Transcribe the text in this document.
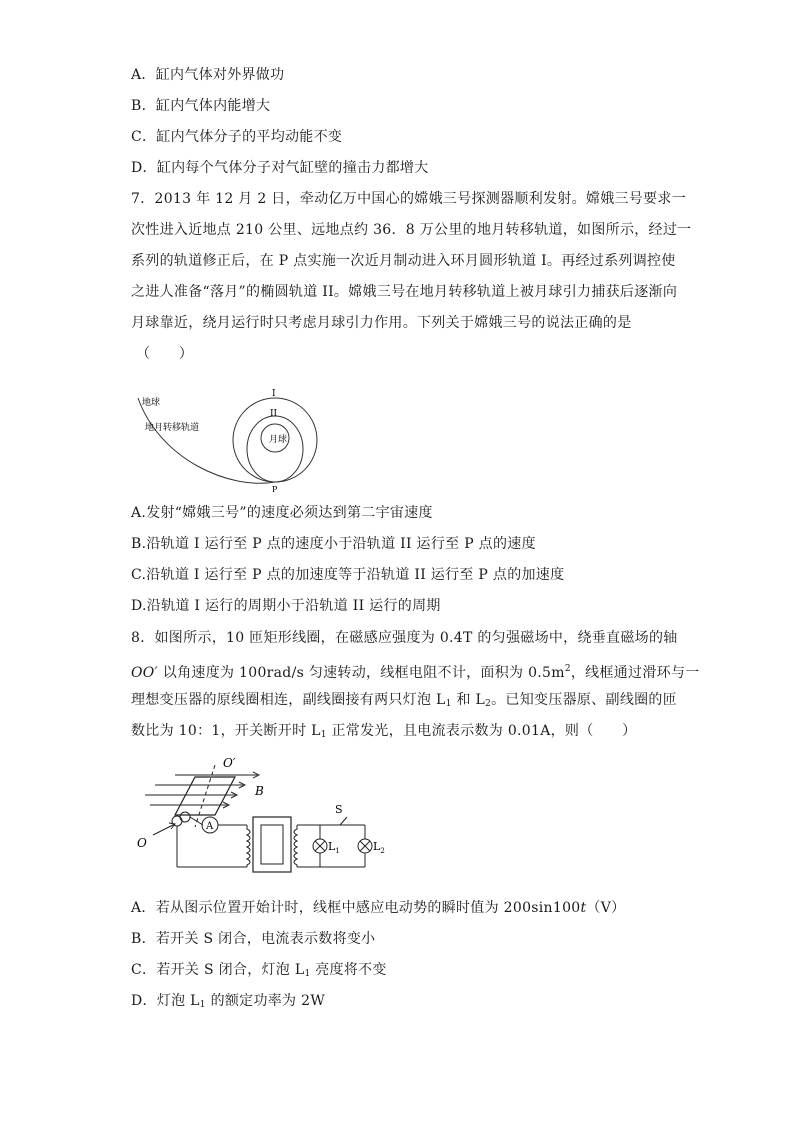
A．缸内气体对外界做功
B．缸内气体内能增大
C．缸内气体分子的平均动能不变
D．缸内每个气体分子对气缸壁的撞击力都增大
7．2013 年 12 月 2 日，牵动亿万中国心的嫦娥三号探测器顺利发射。嫦娥三号要求一
次性进入近地点 210 公里、远地点约 36．8 万公里的地月转移轨道，如图所示，经过一
系列的轨道修正后，在 P 点实施一次近月制动进入环月圆形轨道 I。再经过系列调控使
之进人准备“落月”的椭圆轨道 II。嫦娥三号在地月转移轨道上被月球引力捕获后逐渐向
月球靠近，绕月运行时只考虑月球引力作用。下列关于嫦娥三号的说法正确的是
（　　）
地球
地月转移轨道
月球
I
II
P
A.发射“嫦娥三号”的速度必须达到第二宇宙速度
B.沿轨道 I 运行至 P 点的速度小于沿轨道 II 运行至 P 点的速度
C.沿轨道 I 运行至 P 点的加速度等于沿轨道 II 运行至 P 点的加速度
D.沿轨道 I 运行的周期小于沿轨道 II 运行的周期
8．如图所示，10 匝矩形线圈，在磁感应强度为 0.4T 的匀强磁场中，绕垂直磁场的轴
OO′ 以角速度为 100rad/s 匀速转动，线框电阻不计，面积为 $0.5m^2$，线框通过滑环与一
理想变压器的原线圈相连，副线圈接有两只灯泡 $L_1$ 和 $L_2$。已知变压器原、副线圈的匝
数比为 10：1，开关断开时 $L_1$ 正常发光，且电流表示数为 0.01A，则（　　）
A
O′
O
B
S
$L_1$	$L_2$
A．若从图示位置开始计时，线框中感应电动势的瞬时值为 200sin100t（V）
B．若开关 S 闭合，电流表示数将变小
C．若开关 S 闭合，灯泡 $L_1$ 亮度将不变
D．灯泡 $L_1$ 的额定功率为 2W
